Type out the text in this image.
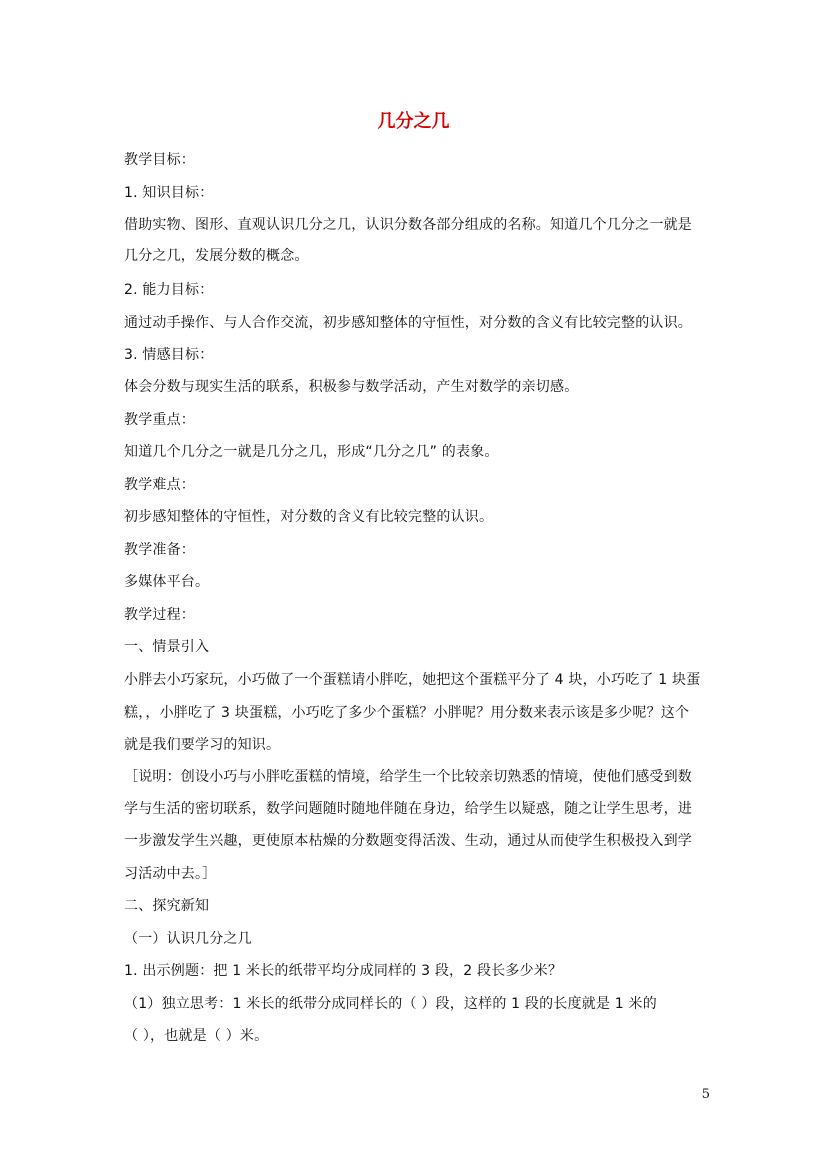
几分之几
教学目标：
1. 知识目标：
借助实物、图形、直观认识几分之几，认识分数各部分组成的名称。知道几个几分之一就是
几分之几，发展分数的概念。
2. 能力目标：
通过动手操作、与人合作交流，初步感知整体的守恒性，对分数的含义有比较完整的认识。
3. 情感目标：
体会分数与现实生活的联系，积极参与数学活动，产生对数学的亲切感。
教学重点：
知道几个几分之一就是几分之几，形成“几分之几” 的表象。
教学难点：
初步感知整体的守恒性，对分数的含义有比较完整的认识。
教学准备：
多媒体平台。
教学过程：
一、情景引入
小胖去小巧家玩，小巧做了一个蛋糕请小胖吃，她把这个蛋糕平分了 4 块，小巧吃了 1 块蛋
糕，，小胖吃了 3 块蛋糕，小巧吃了多少个蛋糕？小胖呢？用分数来表示该是多少呢？这个
就是我们要学习的知识。
［说明：创设小巧与小胖吃蛋糕的情境，给学生一个比较亲切熟悉的情境，使他们感受到数
学与生活的密切联系，数学问题随时随地伴随在身边，给学生以疑惑，随之让学生思考，进
一步激发学生兴趣，更使原本枯燥的分数题变得活泼、生动，通过从而使学生积极投入到学
习活动中去。］
二、探究新知
（一）认识几分之几
1. 出示例题：把 1 米长的纸带平均分成同样的 3 段，2 段长多少米？
（1）独立思考：1 米长的纸带分成同样长的（ ）段，这样的 1 段的长度就是 1 米的
（ ），也就是（ ）米。
5
